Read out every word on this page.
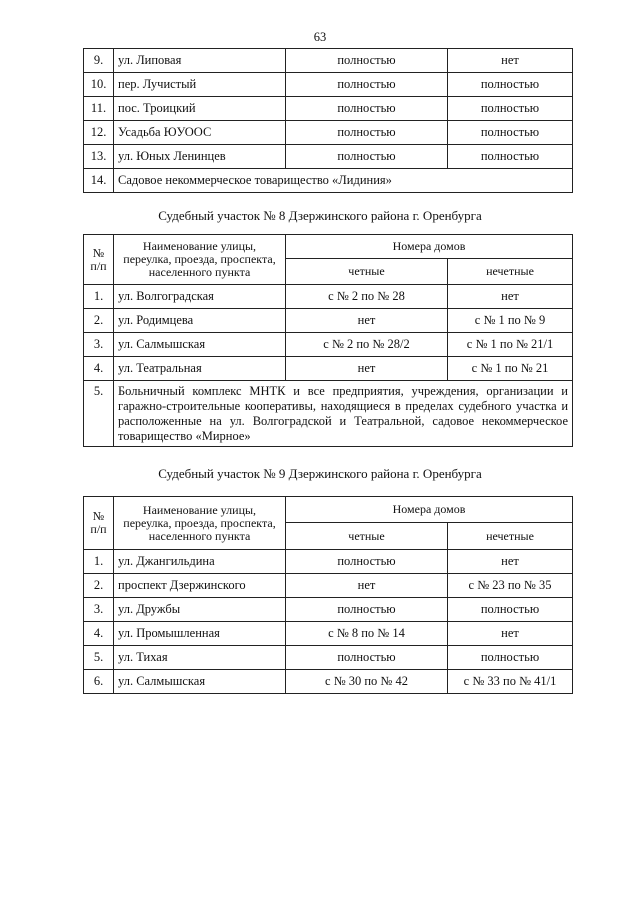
63
9.	ул. Липовая	полностью	нет
10.	пер. Лучистый	полностью	полностью
11.	пос. Троицкий	полностью	полностью
12.	Усадьба ЮУООС	полностью	полностью
13.	ул. Юных Ленинцев	полностью	полностью
14.	Садовое некоммерческое товарищество «Лидиния»		
Судебный участок № 8 Дзержинского района г. Оренбурга
№ п/п	Наименование улицы, переулка, проезда, проспекта, населенного пункта	Номера домов	
		четные	нечетные
1.	ул. Волгоградская	с № 2 по № 28	нет
2.	ул. Родимцева	нет	с № 1 по № 9
3.	ул. Салмышская	с № 2 по № 28/2	с № 1 по № 21/1
4.	ул. Театральная	нет	с № 1 по № 21
5.	Больничный комплекс МНТК и все предприятия, учреждения, организации и гаражно-строительные кооперативы, находящиеся в пределах судебного участка и расположенные на ул. Волгоградской и Театральной, садовое некоммерческое товарищество «Мирное»		
Судебный участок № 9 Дзержинского района г. Оренбурга
№ п/п	Наименование улицы, переулка, проезда, проспекта, населенного пункта	Номера домов	
		четные	нечетные
1.	ул. Джангильдина	полностью	нет
2.	проспект Дзержинского	нет	с № 23 по № 35
3.	ул. Дружбы	полностью	полностью
4.	ул. Промышленная	с № 8 по № 14	нет
5.	ул. Тихая	полностью	полностью
6.	ул. Салмышская	с № 30 по № 42	с № 33 по № 41/1
